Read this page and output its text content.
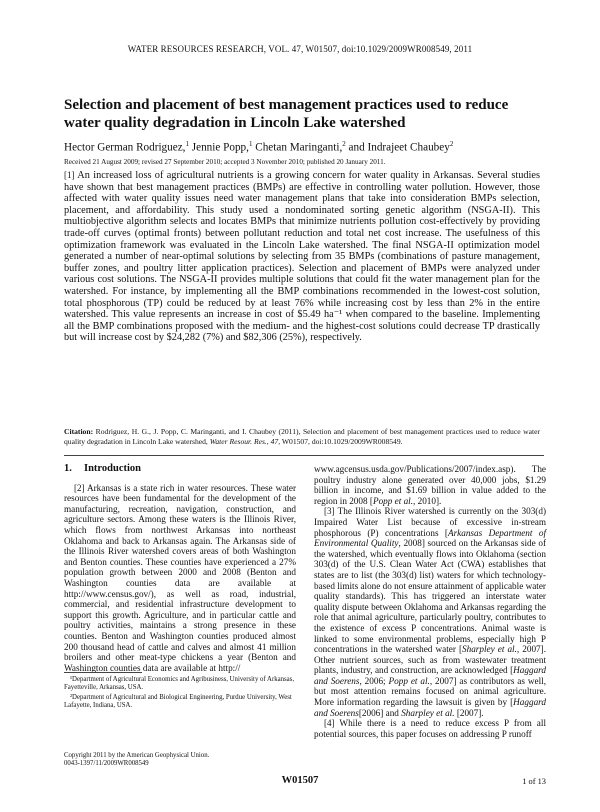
WATER RESOURCES RESEARCH, VOL. 47, W01507, doi:10.1029/2009WR008549, 2011
Selection and placement of best management practices used to reduce
water quality degradation in Lincoln Lake watershed
Hector German Rodriguez,$^1$ Jennie Popp,$^1$ Chetan Maringanti,$^2$ and Indrajeet Chaubey$^2$
Received 21 August 2009; revised 27 September 2010; accepted 3 November 2010; published 20 January 2011.
[1] An increased loss of agricultural nutrients is a growing concern for water quality in Arkansas. Several studies have shown that best management practices (BMPs) are effective in controlling water pollution. However, those affected with water quality issues need water management plans that take into consideration BMPs selection, placement, and affordability. This study used a nondominated sorting genetic algorithm (NSGA-II). This multiobjective algorithm selects and locates BMPs that minimize nutrients pollution cost-effectively by providing trade-off curves (optimal fronts) between pollutant reduction and total net cost increase. The usefulness of this optimization framework was evaluated in the Lincoln Lake watershed. The final NSGA-II optimization model generated a number of near-optimal solutions by selecting from 35 BMPs (combinations of pasture management, buffer zones, and poultry litter application practices). Selection and placement of BMPs were analyzed under various cost solutions. The NSGA-II provides multiple solutions that could fit the water management plan for the watershed. For instance, by implementing all the BMP combinations recommended in the lowest-cost solution, total phosphorous (TP) could be reduced by at least 76% while increasing cost by less than 2% in the entire watershed. This value represents an increase in cost of $5.49 ha⁻¹ when compared to the baseline. Implementing all the BMP combinations proposed with the medium- and the highest-cost solutions could decrease TP drastically but will increase cost by $24,282 (7%) and $82,306 (25%), respectively.
Citation: Rodriguez, H. G., J. Popp, C. Maringanti, and I. Chaubey (2011), Selection and placement of best management practices used to reduce water quality degradation in Lincoln Lake watershed, Water Resour. Res., 47, W01507, doi:10.1029/2009WR008549.
1. Introduction

[2] Arkansas is a state rich in water resources. These water resources have been fundamental for the development of the manufacturing, recreation, navigation, construction, and agriculture sectors. Among these waters is the Illinois River, which flows from northwest Arkansas into northeast Oklahoma and back to Arkansas again. The Arkansas side of the Illinois River watershed covers areas of both Washington and Benton counties. These counties have experienced a 27% population growth between 2000 and 2008 (Benton and Washington counties data are available at http://www.census.gov/), as well as road, industrial, commercial, and residential infrastructure development to support this growth. Agriculture, and in particular cattle and poultry activities, maintains a strong presence in these counties. Benton and Washington counties produced almost 200 thousand head of cattle and calves and almost 41 million broilers and other meat-type chickens a year (Benton and Washington counties data are available at http://

¹Department of Agricultural Economics and Agribusiness, University of Arkansas, Fayetteville, Arkansas, USA.

²Department of Agricultural and Biological Engineering, Purdue University, West Lafayette, Indiana, USA.

Copyright 2011 by the American Geophysical Union.
0043-1397/11/2009WR008549

www.agcensus.usda.gov/Publications/2007/index.asp). The poultry industry alone generated over 40,000 jobs, $1.29 billion in income, and $1.69 billion in value added to the region in 2008 [Popp et al., 2010].

[3] The Illinois River watershed is currently on the 303(d) Impaired Water List because of excessive in-stream phosphorous (P) concentrations [Arkansas Department of Environmental Quality, 2008] sourced on the Arkansas side of the watershed, which eventually flows into Oklahoma (section 303(d) of the U.S. Clean Water Act (CWA) establishes that states are to list (the 303(d) list) waters for which technology-based limits alone do not ensure attainment of applicable water quality standards). This has triggered an interstate water quality dispute between Oklahoma and Arkansas regarding the role that animal agriculture, particularly poultry, contributes to the existence of excess P concentrations. Animal waste is linked to some environmental problems, especially high P concentrations in the watershed water [Sharpley et al., 2007]. Other nutrient sources, such as from wastewater treatment plants, industry, and construction, are acknowledged [Haggard and Soerens, 2006; Popp et al., 2007] as contributors as well, but most attention remains focused on animal agriculture. More information regarding the lawsuit is given by [Haggard and Soerens[2006] and Sharpley et al. [2007].

[4] While there is a need to reduce excess P from all potential sources, this paper focuses on addressing P runoff

W01507	1 of 13
